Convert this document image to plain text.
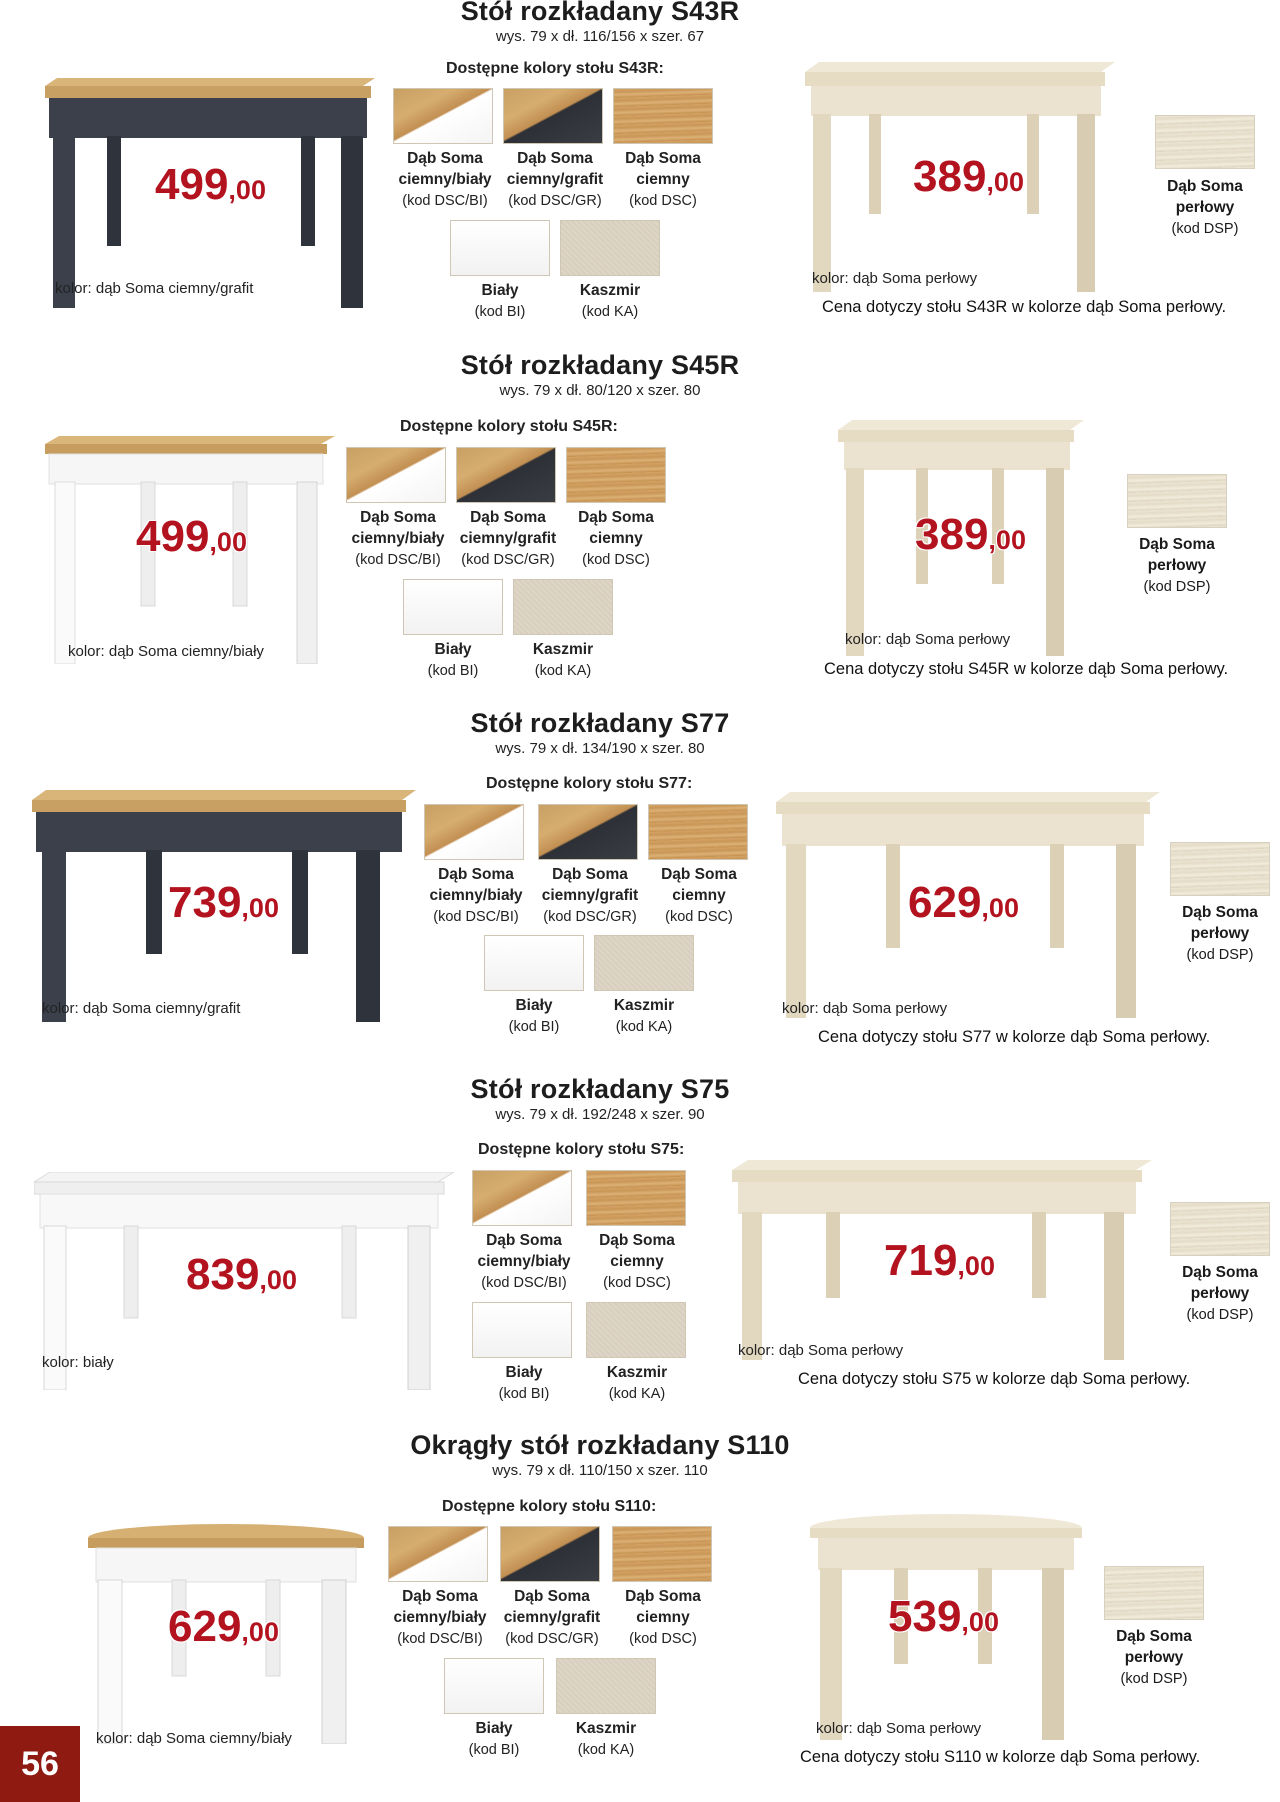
Stół rozkładany S43R
wys. 79 x dł. 116/156 x szer. 67
499,00
kolor: dąb Soma ciemny/grafit
Dostępne kolory stołu S43R:
Dąb Soma
ciemny/biały
(kod DSC/BI)
Dąb Soma
ciemny/grafit
(kod DSC/GR)
Dąb Soma
ciemny
(kod DSC)
Biały
(kod BI)
Kaszmir
(kod KA)
389,00	Dąb Soma
perłowy
(kod DSP)
kolor: dąb Soma perłowy
Cena dotyczy stołu S43R w kolorze dąb Soma perłowy.
Stół rozkładany S45R
wys. 79 x dł. 80/120 x szer. 80
499,00
kolor: dąb Soma ciemny/biały
Dostępne kolory stołu S45R:
Dąb Soma
ciemny/biały
(kod DSC/BI)
Dąb Soma
ciemny/grafit
(kod DSC/GR)
Dąb Soma
ciemny
(kod DSC)
Biały
(kod BI)
Kaszmir
(kod KA)
389,00	Dąb Soma
perłowy
(kod DSP)
kolor: dąb Soma perłowy
Cena dotyczy stołu S45R w kolorze dąb Soma perłowy.
Stół rozkładany S77
wys. 79 x dł. 134/190 x szer. 80
739,00
kolor: dąb Soma ciemny/grafit
Dostępne kolory stołu S77:
Dąb Soma
ciemny/biały
(kod DSC/BI)
Dąb Soma
ciemny/grafit
(kod DSC/GR)
Dąb Soma
ciemny
(kod DSC)
Biały
(kod BI)
Kaszmir
(kod KA)
629,00	Dąb Soma
perłowy
(kod DSP)
kolor: dąb Soma perłowy
Cena dotyczy stołu S77 w kolorze dąb Soma perłowy.
Stół rozkładany S75
wys. 79 x dł. 192/248 x szer. 90
839,00
kolor: biały
Dostępne kolory stołu S75:
Dąb Soma
ciemny/biały
(kod DSC/BI)
Dąb Soma
ciemny
(kod DSC)
Biały
(kod BI)
Kaszmir
(kod KA)
719,00	Dąb Soma
perłowy
(kod DSP)
kolor: dąb Soma perłowy
Cena dotyczy stołu S75 w kolorze dąb Soma perłowy.
Okrągły stół rozkładany S110
wys. 79 x dł. 110/150 x szer. 110
629,00
kolor: dąb Soma ciemny/biały
Dostępne kolory stołu S110:
Dąb Soma
ciemny/biały
(kod DSC/BI)
Dąb Soma
ciemny/grafit
(kod DSC/GR)
Dąb Soma
ciemny
(kod DSC)
Biały
(kod BI)
Kaszmir
(kod KA)
539,00	Dąb Soma
perłowy
(kod DSP)
kolor: dąb Soma perłowy
Cena dotyczy stołu S110 w kolorze dąb Soma perłowy.
56
